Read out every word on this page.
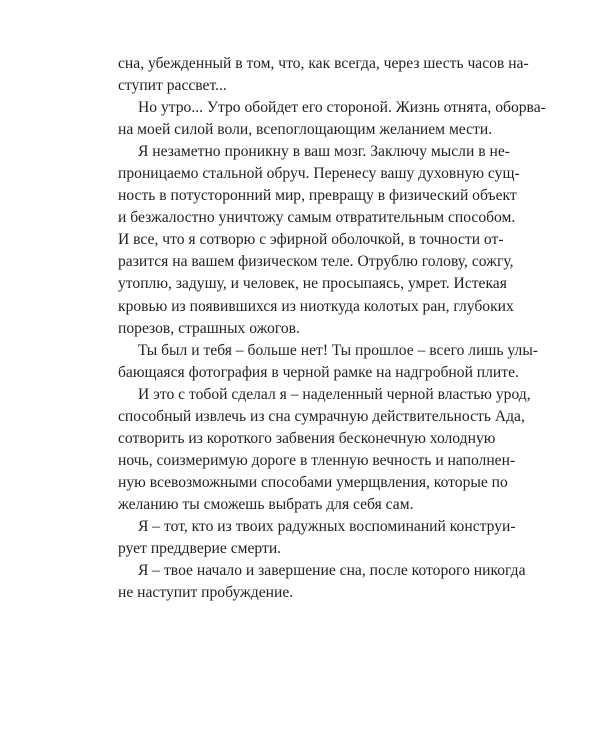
сна, убежденный в том, что, как всегда, через шесть часов на-
ступит рассвет...
Но утро... Утро обойдет его стороной. Жизнь отнята, оборва-
на моей силой воли, всепоглощающим желанием мести.
Я незаметно проникну в ваш мозг. Заключу мысли в не-
проницаемо стальной обруч. Перенесу вашу духовную сущ-
ность в потусторонний мир, превращу в физический объект
и безжалостно уничтожу самым отвратительным способом.
И все, что я сотворю с эфирной оболочкой, в точности от-
разится на вашем физическом теле. Отрублю голову, сожгу,
утоплю, задушу, и человек, не просыпаясь, умрет. Истекая
кровью из появившихся из ниоткуда колотых ран, глубоких
порезов, страшных ожогов.
Ты был и тебя – больше нет! Ты прошлое – всего лишь улы-
бающаяся фотография в черной рамке на надгробной плите.
И это с тобой сделал я – наделенный черной властью урод,
способный извлечь из сна сумрачную действительность Ада,
сотворить из короткого забвения бесконечную холодную
ночь, соизмеримую дороге в тленную вечность и наполнен-
ную всевозможными способами умерщвления, которые по
желанию ты сможешь выбрать для себя сам.
Я – тот, кто из твоих радужных воспоминаний конструи-
рует преддверие смерти.
Я – твое начало и завершение сна, после которого никогда
не наступит пробуждение.
